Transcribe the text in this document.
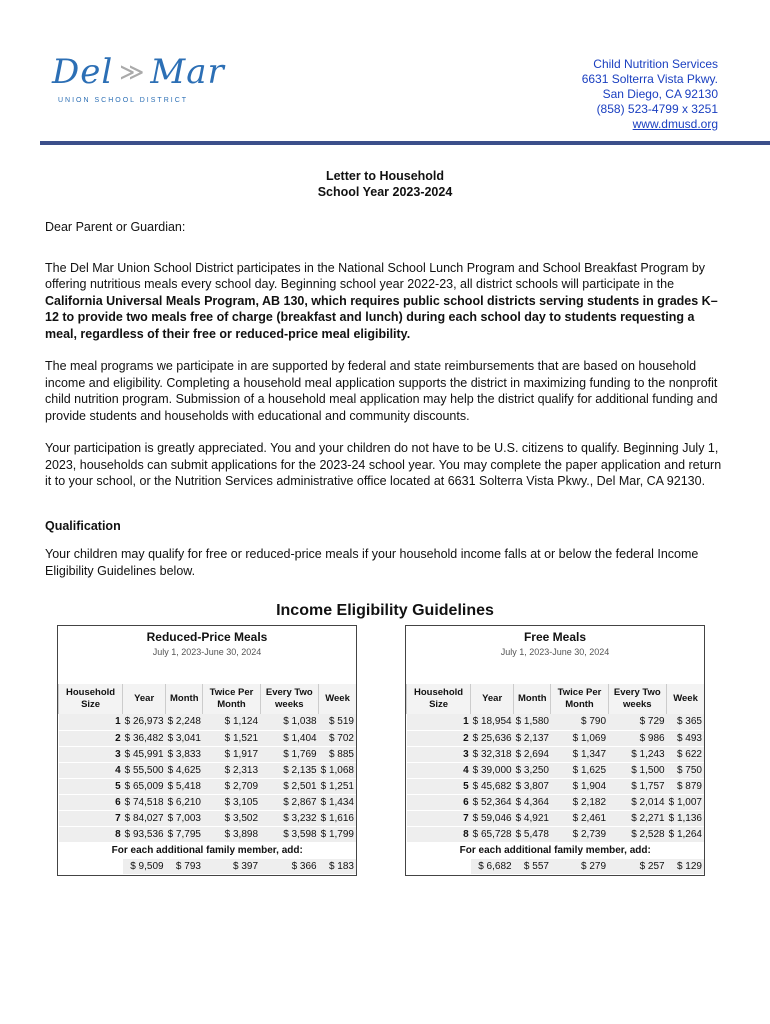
Del ≫ Mar
UNION SCHOOL DISTRICT
Child Nutrition Services
6631 Solterra Vista Pkwy.
San Diego, CA 92130
(858) 523-4799 x 3251
www.dmusd.org
Letter to Household
School Year 2023-2024

Dear Parent or Guardian:

The Del Mar Union School District participates in the National School Lunch Program and School Breakfast Program by offering nutritious meals every school day. Beginning school year 2022-23, all district schools will participate in the California Universal Meals Program, AB 130, which requires public school districts serving students in grades K–12 to provide two meals free of charge (breakfast and lunch) during each school day to students requesting a meal, regardless of their free or reduced-price meal eligibility.

The meal programs we participate in are supported by federal and state reimbursements that are based on household income and eligibility. Completing a household meal application supports the district in maximizing funding to the nonprofit child nutrition program. Submission of a household meal application may help the district qualify for additional funding and provide students and households with educational and community discounts.

Your participation is greatly appreciated. You and your children do not have to be U.S. citizens to qualify. Beginning July 1, 2023, households can submit applications for the 2023-24 school year. You may complete the paper application and return it to your school, or the Nutrition Services administrative office located at 6631 Solterra Vista Pkwy., Del Mar, CA 92130.

Qualification

Your children may qualify for free or reduced-price meals if your household income falls at or below the federal Income Eligibility Guidelines below.

Income Eligibility Guidelines
Reduced-Price Meals
July 1, 2023-June 30, 2024
Household Size	Year	Month	Twice Per Month	Every Two weeks	Week
1	$ 26,973	$ 2,248	$ 1,124	$ 1,038	$ 519
2	$ 36,482	$ 3,041	$ 1,521	$ 1,404	$ 702
3	$ 45,991	$ 3,833	$ 1,917	$ 1,769	$ 885
4	$ 55,500	$ 4,625	$ 2,313	$ 2,135	$ 1,068
5	$ 65,009	$ 5,418	$ 2,709	$ 2,501	$ 1,251
6	$ 74,518	$ 6,210	$ 3,105	$ 2,867	$ 1,434
7	$ 84,027	$ 7,003	$ 3,502	$ 3,232	$ 1,616
8	$ 93,536	$ 7,795	$ 3,898	$ 3,598	$ 1,799
For each additional family member, add:					
	$ 9,509	$ 793	$ 397	$ 366	$ 183
Free Meals
July 1, 2023-June 30, 2024
Household Size	Year	Month	Twice Per Month	Every Two weeks	Week
1	$ 18,954	$ 1,580	$ 790	$ 729	$ 365
2	$ 25,636	$ 2,137	$ 1,069	$ 986	$ 493
3	$ 32,318	$ 2,694	$ 1,347	$ 1,243	$ 622
4	$ 39,000	$ 3,250	$ 1,625	$ 1,500	$ 750
5	$ 45,682	$ 3,807	$ 1,904	$ 1,757	$ 879
6	$ 52,364	$ 4,364	$ 2,182	$ 2,014	$ 1,007
7	$ 59,046	$ 4,921	$ 2,461	$ 2,271	$ 1,136
8	$ 65,728	$ 5,478	$ 2,739	$ 2,528	$ 1,264
For each additional family member, add:					
	$ 6,682	$ 557	$ 279	$ 257	$ 129
